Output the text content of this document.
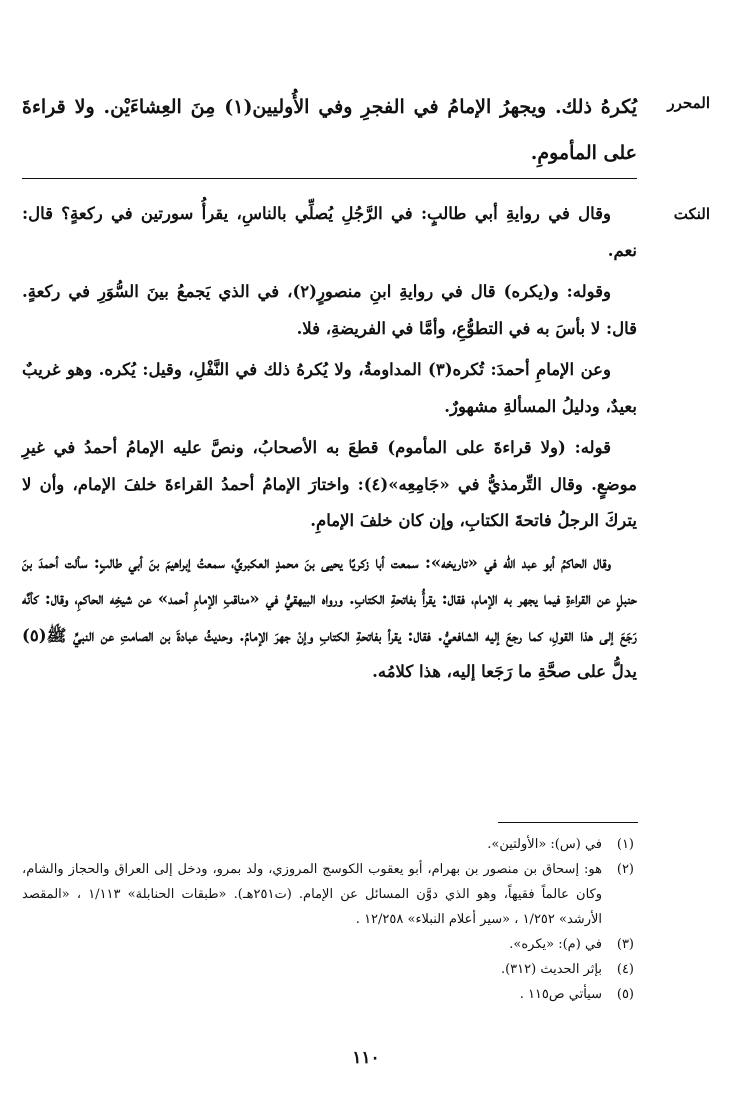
المحرر
يُكرهُ ذلك. ويجهرُ الإمامُ في الفجرِ وفي الأُوليين(١) مِنَ العِشاءَيْن. ولا قراءةَ على المأمومِ.
النكت

وقال في روايةِ أبي طالبٍ: في الرَّجُلِ يُصلِّي بالناسِ، يقرأُ سورتين في ركعةٍ؟ قال: نعم.

وقوله: و(يكره) قال في روايةِ ابنِ منصورٍ(٢)، في الذي يَجمعُ بينَ السُّوَرِ في ركعةٍ. قال: لا بأسَ به في التطوُّعِ، وأمَّا في الفريضةِ، فلا.

وعن الإمامِ أحمدَ: تُكره(٣) المداومةُ، ولا يُكرهُ ذلك في النَّفْلِ، وقيل: يُكره. وهو غريبٌ بعيدٌ، ودليلُ المسألةِ مشهورٌ.

قوله: (ولا قراءةَ على المأموم) قطعَ به الأصحابُ، ونصَّ عليه الإمامُ أحمدُ في غيرِ موضعٍ. وقال التِّرمذيُّ في «جَامِعِه»(٤): واختارَ الإمامُ أحمدُ القراءةَ خلفَ الإمام، وأن لا يتركَ الرجلُ فاتحةَ الكتابِ، وإن كان خلفَ الإمامِ.

وقال الحاكمُ أبو عبد الله في «تاريخه»: سمعت أبا زكريًا يحيى بنَ محمدٍ العكبريَّ، سمعتُ إبراهيمَ بنَ أبي طالبٍ: سألت أحمدَ بنَ حنبلٍ عن القراءةِ فيما يجهر به الإمام، فقال: يقرأُ بفاتحةِ الكتابِ. ورواه البيهقيُّ في «مناقبِ الإمامِ أحمد» عن شيخِه الحاكمِ، وقال: كأنَّه رَجَعَ إلى هذا القولِ، كما رجعَ إليه الشافعيُّ. فقال: يقرأ بفاتحةِ الكتابِ وإنْ جهرَ الإمامُ. وحديثُ عبادةَ بن الصامتِ عن النبيِّ ﷺ(٥) يدلُّ على صحَّةِ ما رَجَعا إليه، هذا كلامُه.

(١)
في (س): «الأولتين».
(٢)
هو: إسحاق بن منصور بن بهرام، أبو يعقوب الكوسج المروزي، ولد بمرو، ودخل إلى العراق والحجاز والشام، وكان عالماً فقيهاً، وهو الذي دوَّن المسائل عن الإمام. (ت٢٥١هـ). «طبقات الحنابلة» ١/١١٣ ، «المقصد الأرشد» ١/٢٥٢ ، «سير أعلام النبلاء» ١٢/٢٥٨ .
(٣)
في (م): «يكره».
(٤)
بإثر الحديث (٣١٢).
(٥)
سيأتي ص١١٥ .
١١٠
